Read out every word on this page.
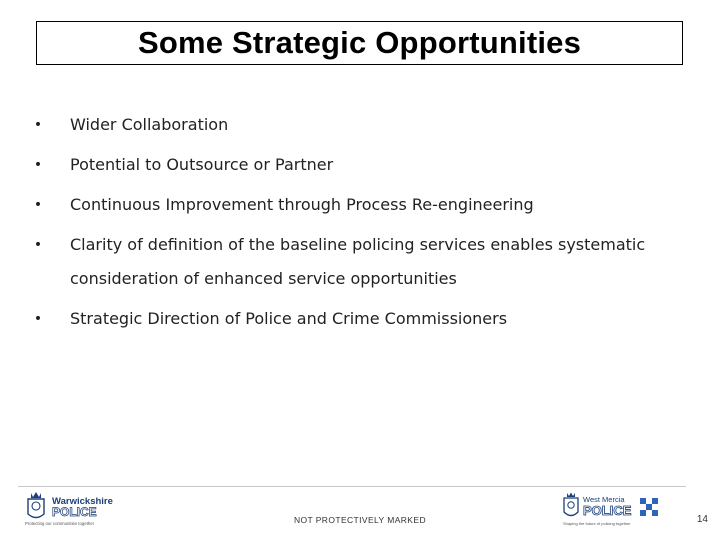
Some Strategic Opportunities
• Wider Collaboration
• Potential to Outsource or Partner
• Continuous Improvement through Process Re-engineering
• Clarity of definition of the baseline policing services enables systematic consideration of enhanced service opportunities
• Strategic Direction of Police and Crime Commissioners
Warwickshire
POLICE
Protecting our communities together	NOT PROTECTIVELY MARKED
West Mercia
POLICE
Shaping the future of policing together	14
